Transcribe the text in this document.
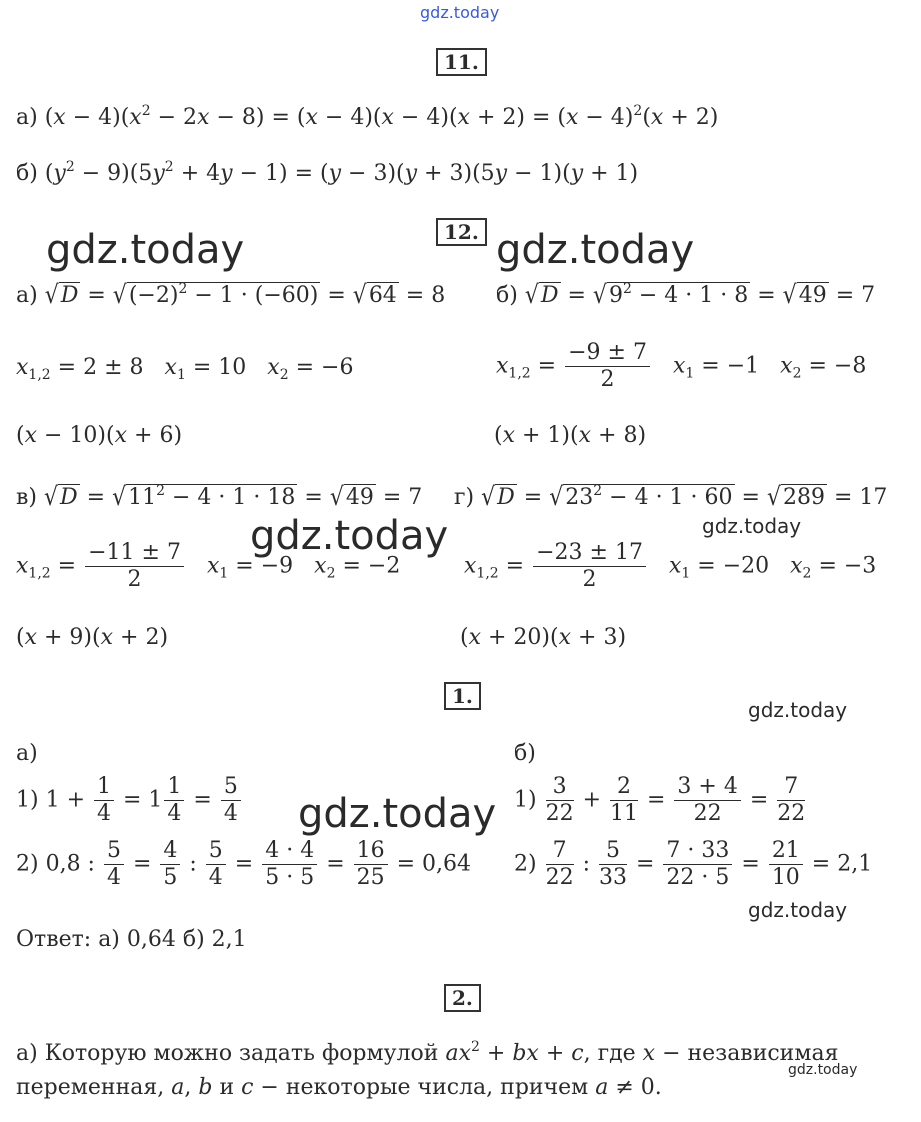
gdz.today
gdz.today	gdz.today
gdz.today	gdz.today
gdz.today
gdz.today
gdz.today
gdz.today
11.
а) $(x - 4)(x^2 - 2x - 8) = (x - 4)(x - 4)(x + 2) = (x - 4)^2(x + 2)$
б) $(y^2 - 9)(5y^2 + 4y - 1) = (y - 3)(y + 3)(5y - 1)(y + 1)$
12.
а) $√D = √(-2)^2 - 1 \cdot (-60) = √64 = 8$ б) $√D = √9^2 - 4 \cdot 1 \cdot 8 = √49 = 7$
$x_{1,2} = 2 \pm 8$   $x_1 = 10$   $x_2 = -6$	$x_{1,2} = \frac{-9 \pm 7}{2} x_1 = -1$   $x_2 = -8$
(x − 10)(x + 6)	(x + 1)(x + 8)
в) $√D = √11^2 - 4 \cdot 1 \cdot 18 = √49 = 7$ г) $√D = √23^2 - 4 \cdot 1 \cdot 60 = √289 = 17$
$x_{1,2} = \frac{-11 \pm 7}{2} x_1 = -9$   $x_2 = -2$	$x_{1,2} = \frac{-23 \pm 17}{2} x_1 = -20$   $x_2 = -3$
(x + 9)(x + 2)	(x + 20)(x + 3)
1.
а)	б)
1) $1 + \frac{1}{4} = 1 \frac{1}{4} = \frac{5}{4}$	$1) \frac{3}{22} + \frac{2}{11} = \frac{3 + 4}{22} = \frac{7}{22}$
2) 0,8 : $\frac{5}{4} = \frac{4}{5}$ : $\frac{5}{4} = \frac{4 \cdot 4}{5 \cdot 5} = \frac{16}{25} = 0,64$ $2) \frac{7}{22}$ : $\frac{5}{33} = \frac{7 \cdot 33}{22 \cdot 5} = \frac{21}{10} = 2,1$
Ответ: а) 0,64 б) 2,1
2.
а) Которую можно задать формулой $ax^2$ + bx + c, где x − независимая
переменная, a, b и c − некоторые числа, причем a ≠ 0.
